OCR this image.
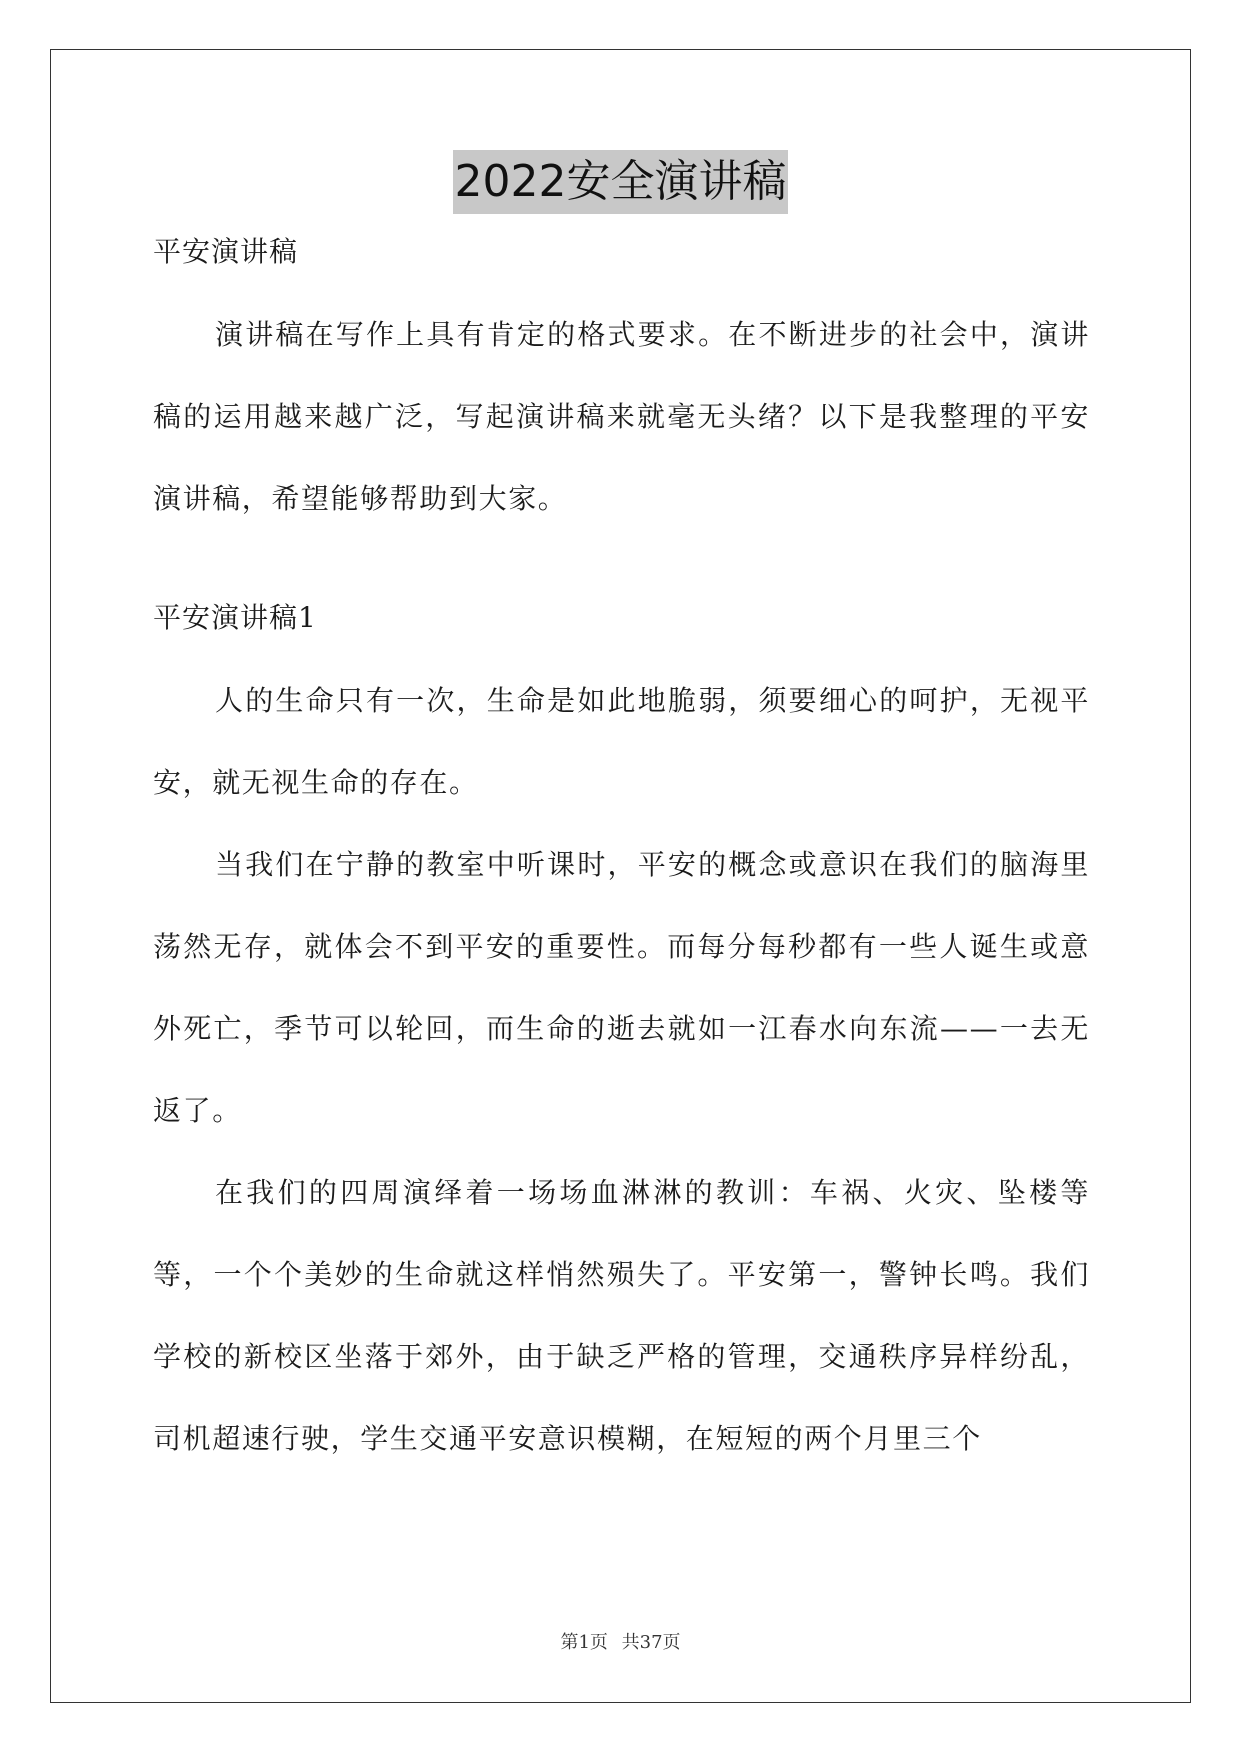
2022安全演讲稿

平安演讲稿

演讲稿在写作上具有肯定的格式要求。在不断进步的社会中，演讲稿的运用越来越广泛，写起演讲稿来就毫无头绪？以下是我整理的平安演讲稿，希望能够帮助到大家。

平安演讲稿1

人的生命只有一次，生命是如此地脆弱，须要细心的呵护，无视平安，就无视生命的存在。

当我们在宁静的教室中听课时，平安的概念或意识在我们的脑海里荡然无存，就体会不到平安的重要性。而每分每秒都有一些人诞生或意外死亡，季节可以轮回，而生命的逝去就如一江春水向东流——一去无返了。

在我们的四周演绎着一场场血淋淋的教训：车祸、火灾、坠楼等等，一个个美妙的生命就这样悄然殒失了。平安第一，警钟长鸣。我们学校的新校区坐落于郊外，由于缺乏严格的管理，交通秩序异样纷乱，司机超速行驶，学生交通平安意识模糊，在短短的两个月里三个

第1页 共37页
